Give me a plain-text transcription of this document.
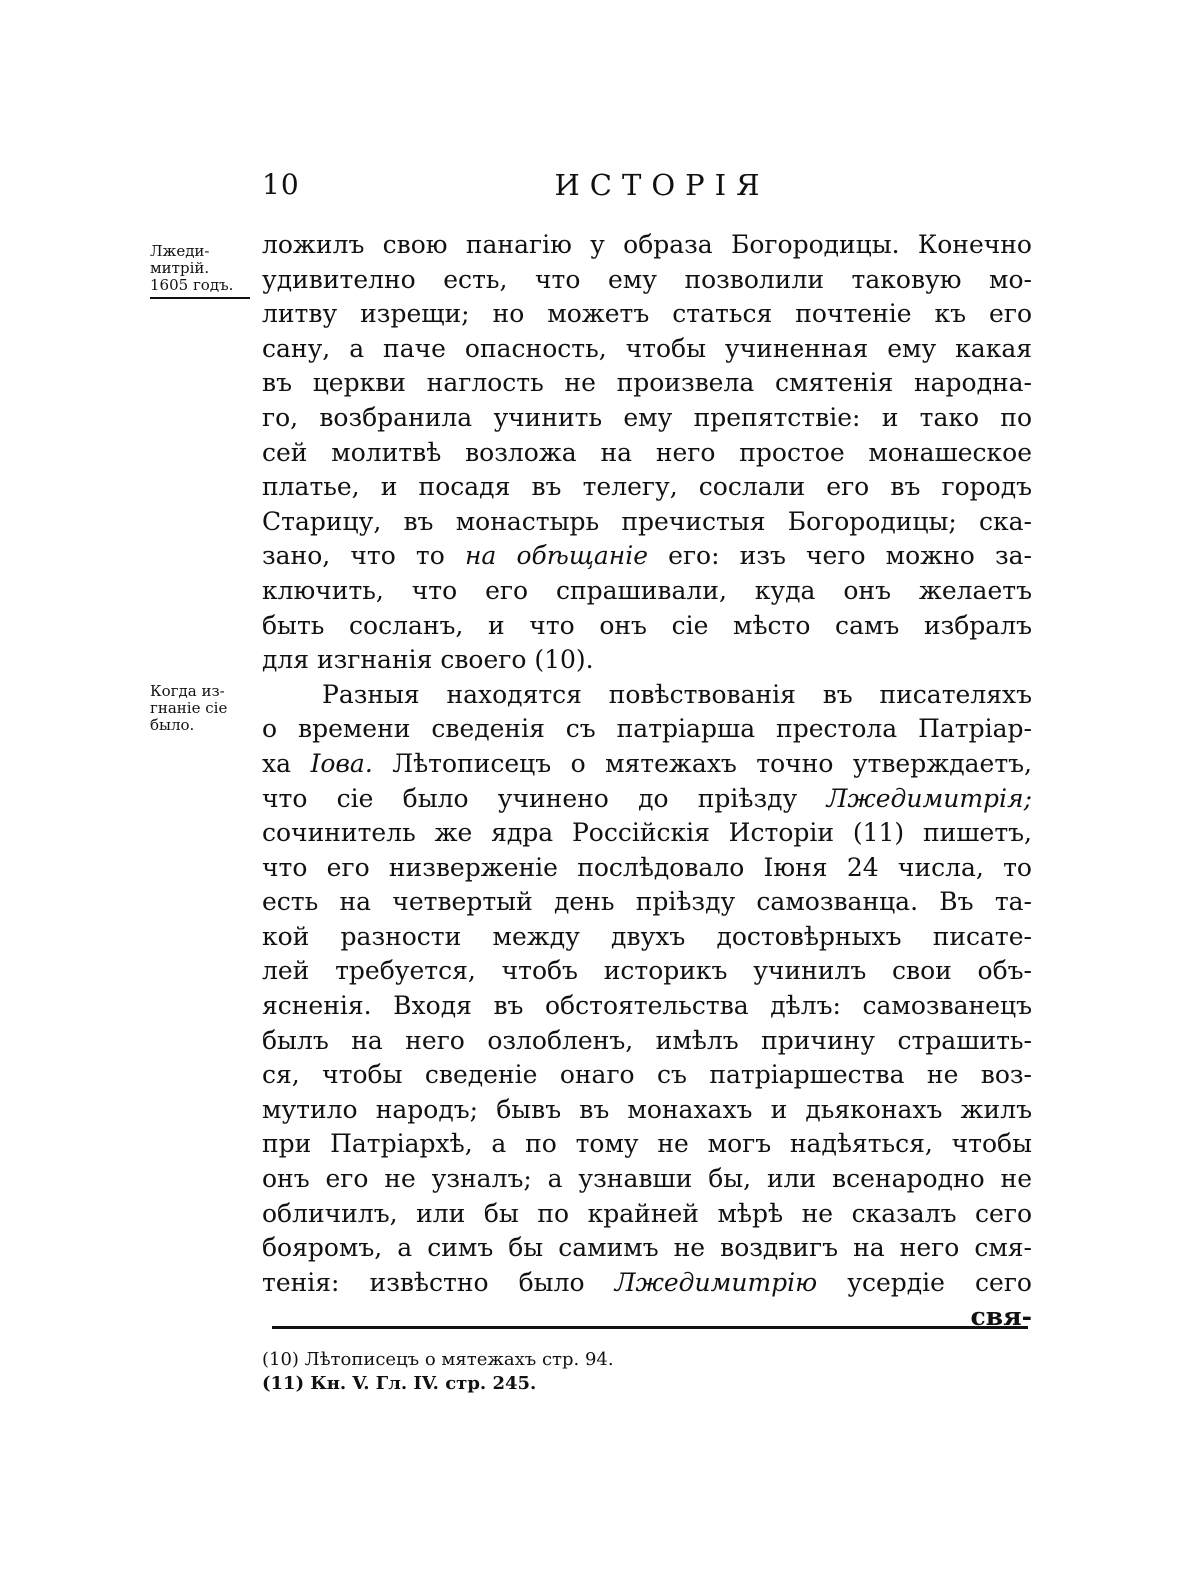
10	ИСТОРІЯ
Лжеди-
митрій.
1605 годъ.
Когда из-
гнаніе сіе
было.
ложилъ свою панагію у образа Богородицы. Конечно
удивително есть, что ему позволили таковую мо-
литву изрещи; но можетъ статься почтеніе къ его
сану, а паче опасность, чтобы учиненная ему какая
въ церкви наглость не произвела смятенія народна-
го, возбранила учинить ему препятствіе: и тако по
сей молитвѣ возложа на него простое монашеское
платье, и посадя въ телегу, сослали его въ городъ
Старицу, въ монастырь пречистыя Богородицы; ска-
зано, что то на обѣщаніе его: изъ чего можно за-
ключить, что его спрашивали, куда онъ желаетъ
быть сосланъ, и что онъ сіе мѣсто самъ избралъ
для изгнанія своего (10).
Разныя находятся повѣствованія въ писателяхъ
о времени сведенія съ патріарша престола Патріар-
ха Іова. Лѣтописецъ о мятежахъ точно утверждаетъ,
что сіе было учинено до пріѣзду Лжедимитрія;
сочинитель же ядра Россійскія Исторіи (11) пишетъ,
что его низверженіе послѣдовало Іюня 24 числа, то
есть на четвертый день пріѣзду самозванца. Въ та-
кой разности между двухъ достовѣрныхъ писате-
лей требуется, чтобъ историкъ учинилъ свои объ-
ясненія. Входя въ обстоятельства дѣлъ: самозванецъ
былъ на него озлобленъ, имѣлъ причину страшить-
ся, чтобы сведеніе онаго съ патріаршества не воз-
мутило народъ; бывъ въ монахахъ и дьяконахъ жилъ
при Патріархѣ, а по тому не могъ надѣяться, чтобы
онъ его не узналъ; а узнавши бы, или всенародно не
обличилъ, или бы по крайней мѣрѣ не сказалъ сего
бояромъ, а симъ бы самимъ не воздвигъ на него смя-
тенія: извѣстно было Лжедимитрію усердіе сего
свя-
(10) Лѣтописецъ о мятежахъ стр. 94.
(11) Кн. V. Гл. IV. стр. 245.
